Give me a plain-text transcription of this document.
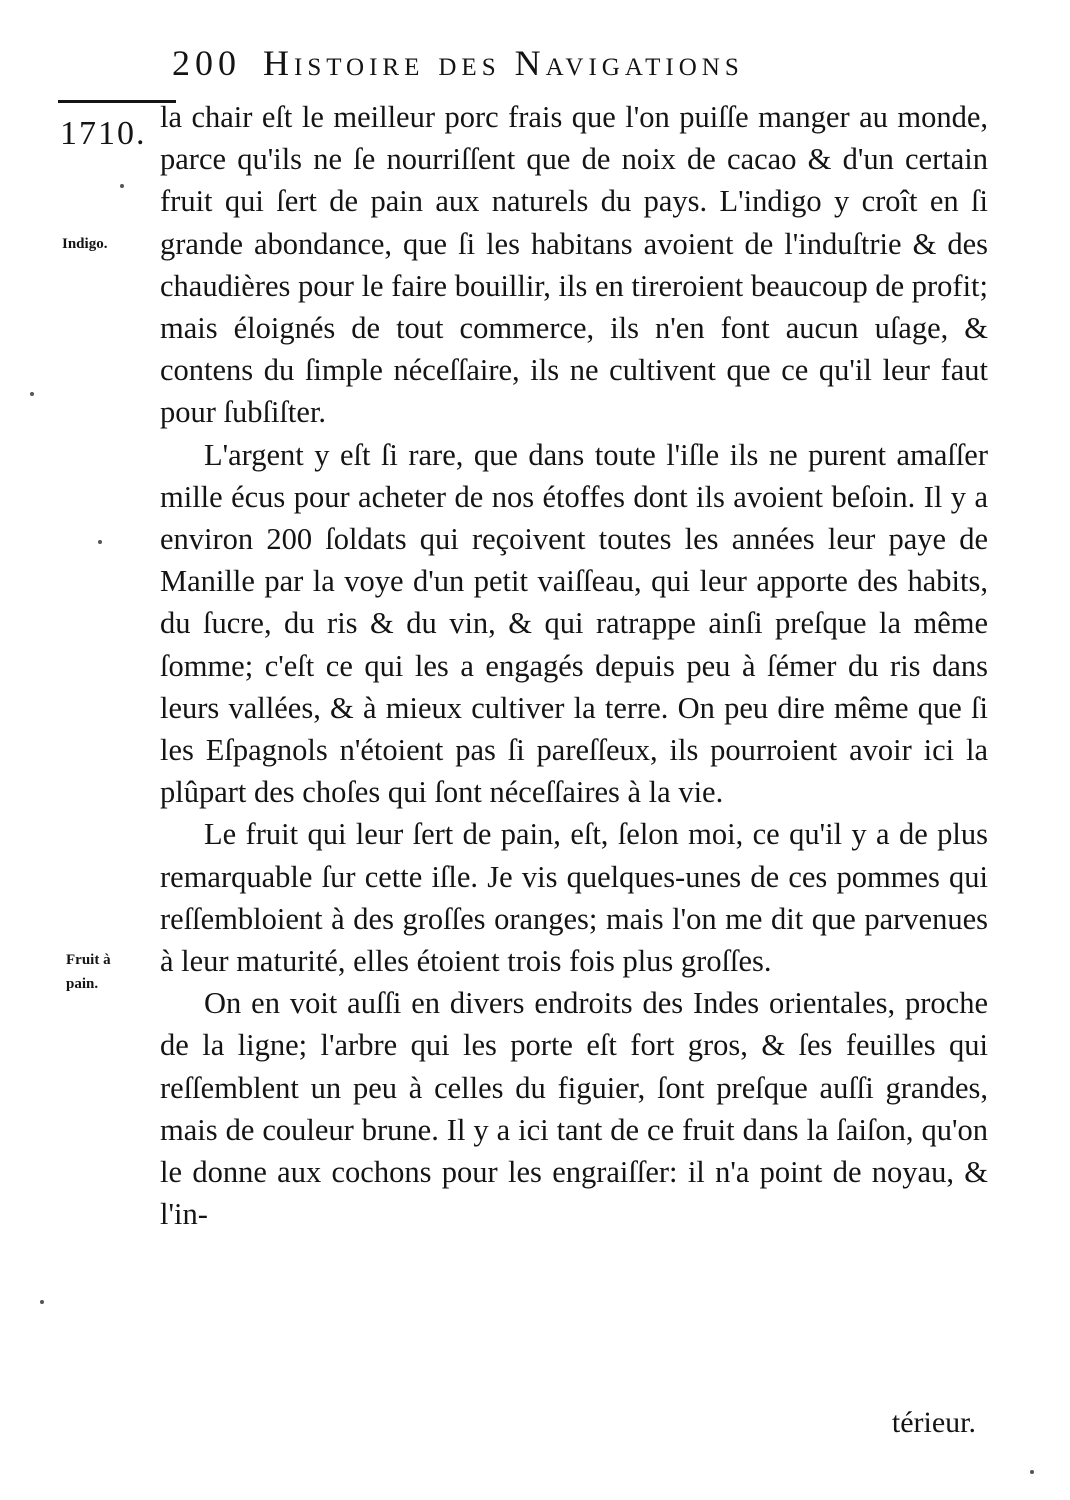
200 Histoire des Navigations
1710.
Indigo.
Fruit à pain.

la chair eſt le meilleur porc frais que l'on puiſſe manger au monde, parce qu'ils ne ſe nourriſſent que de noix de cacao & d'un certain fruit qui ſert de pain aux naturels du pays. L'indigo y croît en ſi grande abondance, que ſi les habitans avoient de l'induſtrie & des chaudières pour le faire bouillir, ils en tireroient beaucoup de profit; mais éloignés de tout commerce, ils n'en font aucun uſage, & contens du ſimple néceſſaire, ils ne cultivent que ce qu'il leur faut pour ſubſiſter.

L'argent y eſt ſi rare, que dans toute l'iſle ils ne purent amaſſer mille écus pour acheter de nos étoffes dont ils avoient beſoin. Il y a environ 200 ſoldats qui reçoivent toutes les années leur paye de Manille par la voye d'un petit vaiſſeau, qui leur apporte des habits, du ſucre, du ris & du vin, & qui ratrappe ainſi preſque la même ſomme; c'eſt ce qui les a engagés depuis peu à ſémer du ris dans leurs vallées, & à mieux cultiver la terre. On peu dire même que ſi les Eſpagnols n'étoient pas ſi pareſſeux, ils pourroient avoir ici la plûpart des choſes qui ſont néceſſaires à la vie.

Le fruit qui leur ſert de pain, eſt, ſelon moi, ce qu'il y a de plus remarquable ſur cette iſle. Je vis quelques-unes de ces pommes qui reſſembloient à des groſſes oranges; mais l'on me dit que parvenues à leur maturité, elles étoient trois fois plus groſſes.

On en voit auſſi en divers endroits des Indes orientales, proche de la ligne; l'arbre qui les porte eſt fort gros, & ſes feuilles qui reſſemblent un peu à celles du figuier, ſont preſque auſſi grandes, mais de couleur brune. Il y a ici tant de ce fruit dans la ſaiſon, qu'on le donne aux cochons pour les engraiſſer: il n'a point de noyau, & l'in-

térieur.
